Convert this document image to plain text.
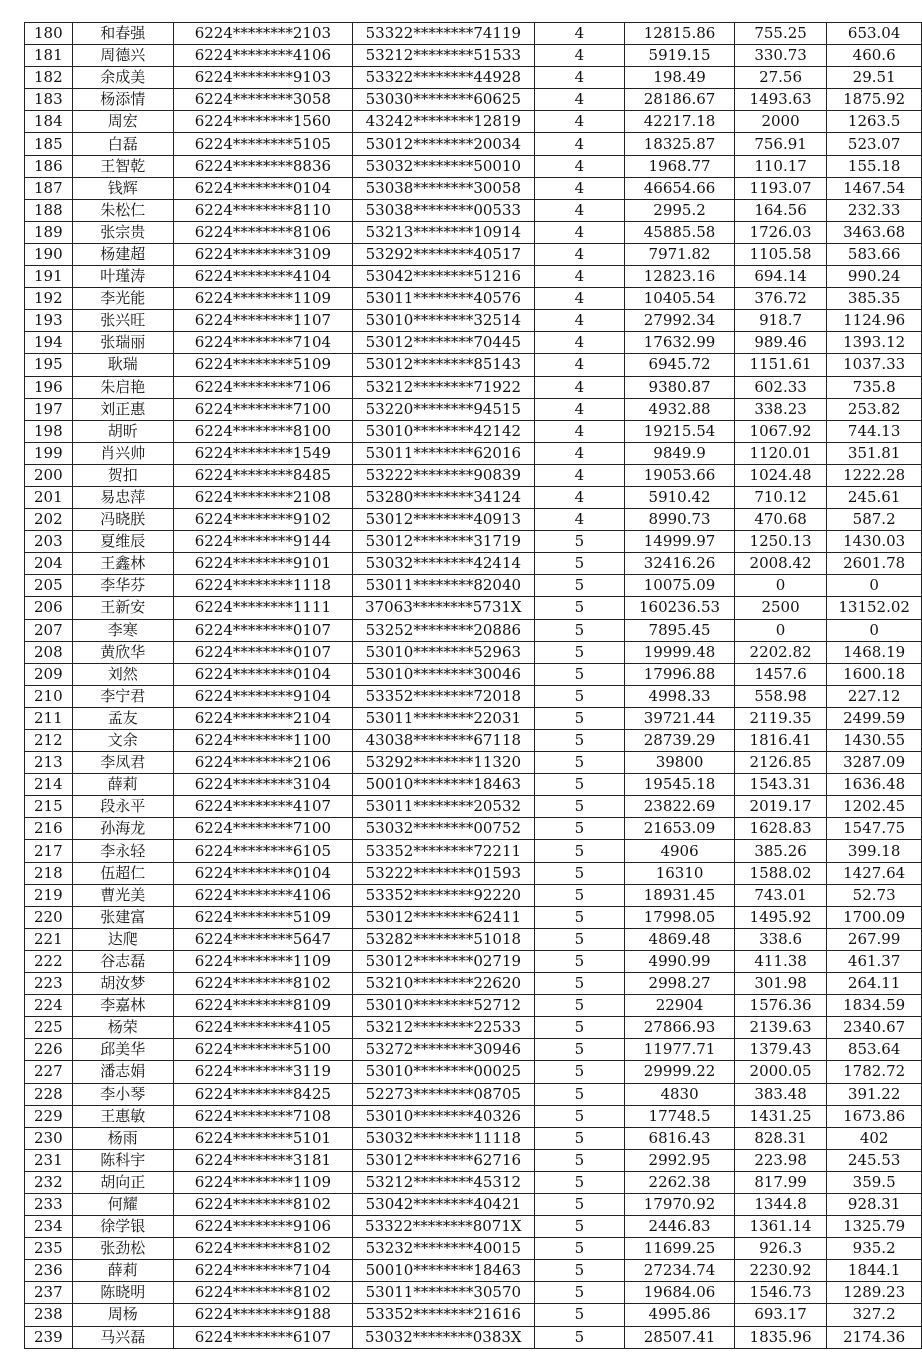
180	和春强	6224********2103	53322********74119	4	12815.86	755.25	653.04
181	周德兴	6224********4106	53212********51533	4	5919.15	330.73	460.6
182	余成美	6224********9103	53322********44928	4	198.49	27.56	29.51
183	杨添情	6224********3058	53030********60625	4	28186.67	1493.63	1875.92
184	周宏	6224********1560	43242********12819	4	42217.18	2000	1263.5
185	白磊	6224********5105	53012********20034	4	18325.87	756.91	523.07
186	王智乾	6224********8836	53032********50010	4	1968.77	110.17	155.18
187	钱辉	6224********0104	53038********30058	4	46654.66	1193.07	1467.54
188	朱松仁	6224********8110	53038********00533	4	2995.2	164.56	232.33
189	张宗贵	6224********8106	53213********10914	4	45885.58	1726.03	3463.68
190	杨建超	6224********3109	53292********40517	4	7971.82	1105.58	583.66
191	叶瑾涛	6224********4104	53042********51216	4	12823.16	694.14	990.24
192	李光能	6224********1109	53011********40576	4	10405.54	376.72	385.35
193	张兴旺	6224********1107	53010********32514	4	27992.34	918.7	1124.96
194	张瑞丽	6224********7104	53012********70445	4	17632.99	989.46	1393.12
195	耿瑞	6224********5109	53012********85143	4	6945.72	1151.61	1037.33
196	朱启艳	6224********7106	53212********71922	4	9380.87	602.33	735.8
197	刘正惠	6224********7100	53220********94515	4	4932.88	338.23	253.82
198	胡昕	6224********8100	53010********42142	4	19215.54	1067.92	744.13
199	肖兴帅	6224********1549	53011********62016	4	9849.9	1120.01	351.81
200	贺扣	6224********8485	53222********90839	4	19053.66	1024.48	1222.28
201	易忠萍	6224********2108	53280********34124	4	5910.42	710.12	245.61
202	冯晓朕	6224********9102	53012********40913	4	8990.73	470.68	587.2
203	夏维辰	6224********9144	53012********31719	5	14999.97	1250.13	1430.03
204	王鑫林	6224********9101	53032********42414	5	32416.26	2008.42	2601.78
205	李华芬	6224********1118	53011********82040	5	10075.09	0	0
206	王新安	6224********1111	37063********5731X	5	160236.53	2500	13152.02
207	李寒	6224********0107	53252********20886	5	7895.45	0	0
208	黄欣华	6224********0107	53010********52963	5	19999.48	2202.82	1468.19
209	刘然	6224********0104	53010********30046	5	17996.88	1457.6	1600.18
210	李宁君	6224********9104	53352********72018	5	4998.33	558.98	227.12
211	孟友	6224********2104	53011********22031	5	39721.44	2119.35	2499.59
212	文余	6224********1100	43038********67118	5	28739.29	1816.41	1430.55
213	李凤君	6224********2106	53292********11320	5	39800	2126.85	3287.09
214	薛莉	6224********3104	50010********18463	5	19545.18	1543.31	1636.48
215	段永平	6224********4107	53011********20532	5	23822.69	2019.17	1202.45
216	孙海龙	6224********7100	53032********00752	5	21653.09	1628.83	1547.75
217	李永轻	6224********6105	53352********72211	5	4906	385.26	399.18
218	伍超仁	6224********0104	53222********01593	5	16310	1588.02	1427.64
219	曹光美	6224********4106	53352********92220	5	18931.45	743.01	52.73
220	张建富	6224********5109	53012********62411	5	17998.05	1495.92	1700.09
221	达爬	6224********5647	53282********51018	5	4869.48	338.6	267.99
222	谷志磊	6224********1109	53012********02719	5	4990.99	411.38	461.37
223	胡汝梦	6224********8102	53210********22620	5	2998.27	301.98	264.11
224	李嘉林	6224********8109	53010********52712	5	22904	1576.36	1834.59
225	杨荣	6224********4105	53212********22533	5	27866.93	2139.63	2340.67
226	邱美华	6224********5100	53272********30946	5	11977.71	1379.43	853.64
227	潘志娟	6224********3119	53010********00025	5	29999.22	2000.05	1782.72
228	李小琴	6224********8425	52273********08705	5	4830	383.48	391.22
229	王惠敏	6224********7108	53010********40326	5	17748.5	1431.25	1673.86
230	杨雨	6224********5101	53032********11118	5	6816.43	828.31	402
231	陈科宇	6224********3181	53012********62716	5	2992.95	223.98	245.53
232	胡向正	6224********1109	53212********45312	5	2262.38	817.99	359.5
233	何耀	6224********8102	53042********40421	5	17970.92	1344.8	928.31
234	徐学银	6224********9106	53322********8071X	5	2446.83	1361.14	1325.79
235	张劲松	6224********8102	53232********40015	5	11699.25	926.3	935.2
236	薛莉	6224********7104	50010********18463	5	27234.74	2230.92	1844.1
237	陈晓明	6224********8102	53011********30570	5	19684.06	1546.73	1289.23
238	周杨	6224********9188	53352********21616	5	4995.86	693.17	327.2
239	马兴磊	6224********6107	53032********0383X	5	28507.41	1835.96	2174.36
